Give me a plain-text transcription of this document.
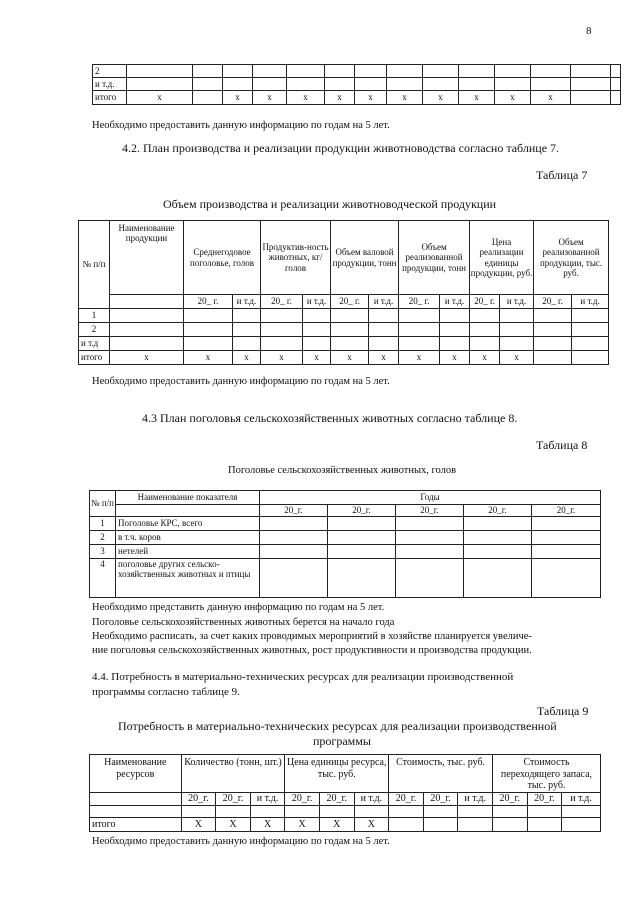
8
2														
и т.д.														
итого	х		х	х	х	х	х	х	х	х	х	х		
Необходимо предоставить данную информацию по годам на 5 лет.
4.2. План производства и реализации продукции животноводства согласно таблице 7.
Таблица 7
Объем производства и реализации животноводческой продукции
№ п/п	Наименование продукции	Среднегодовое поголовье, голов		Продуктив-ность животных, кг/голов		Объем валовой продукции, тонн		Объем реализованной продукции, тонн		Цена реализации единицы продукции, руб.		Объем реализованной продукции, тыс. руб.	
		20_ г.	и т.д.	20_ г.	и т.д.	20_ г.	и т.д.	20_ г.	и т.д.	20_ г.	и т.д.	20_ г.	и т.д.
1													
2													
и т.д													
итого	х	х	х	х	х	х	х	х	х	х	х		
Необходимо предоставить данную информацию по годам на 5 лет.
4.3 План поголовья сельскохозяйственных животных согласно таблице 8.
Таблица 8
Поголовье сельскохозяйственных животных, голов
№ п/п	Наименование показателя	Годы				
		20_г.	20_г.	20_г.	20_г.	20_г.
1	Поголовье КРС, всего					
2	в т.ч. коров					
3	нетелей					
4	поголовье других сельско-хозяйственных животных и птицы					
Необходимо представить данную информацию по годам на 5 лет.
Поголовье сельскохозяйственных животных берется на начало года
Необходимо расписать, за счет каких проводимых мероприятий в хозяйстве планируется увеличе-
ние поголовья сельскохозяйственных животных, рост продуктивности и производства продукции.
4.4. Потребность в материально-технических ресурсах для реализации производственной
программы согласно таблице 9.
Таблица 9
Потребность в материально-технических ресурсах для реализации производственной
программы
Наименование ресурсов	Количество (тонн, шт.)			Цена единицы ресурса, тыс. руб.			Стоимость, тыс. руб.			Стоимость переходящего запаса, тыс. руб.		
	20_г.	20_г.	и т.д.	20_г.	20_г.	и т.д.	20_г.	20_г.	и т.д.	20_г.	20_г.	и т.д.

итого	X	X	X	X	X	X						
Необходимо предоставить данную информацию по годам на 5 лет.
